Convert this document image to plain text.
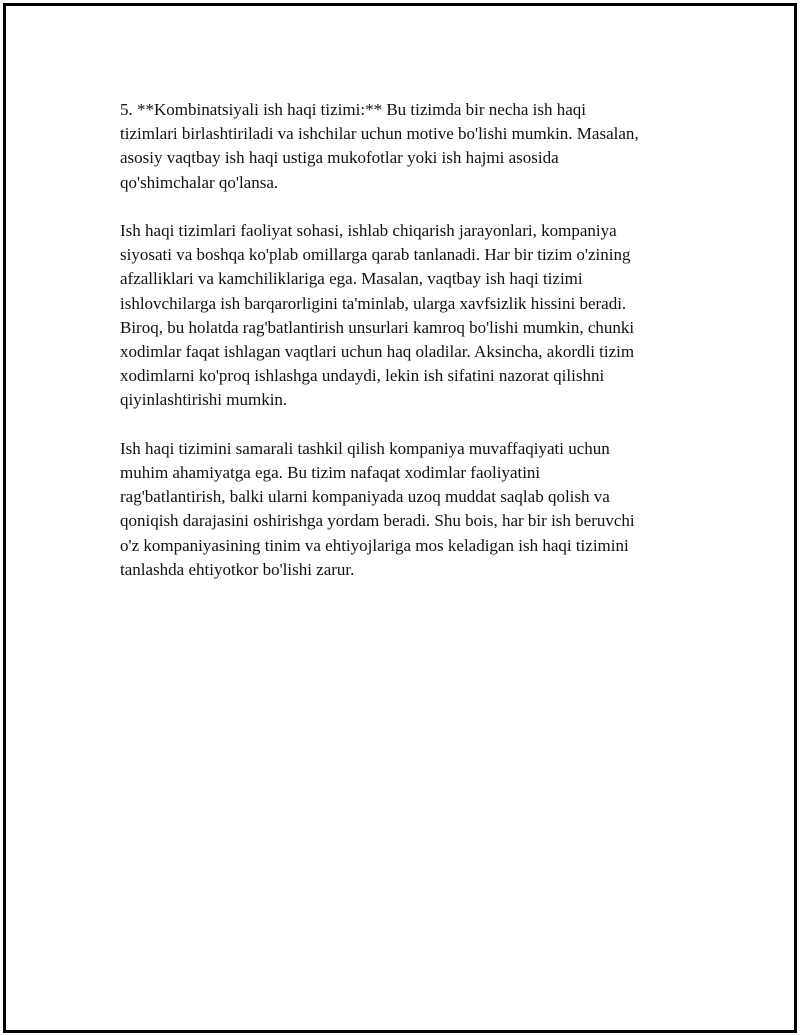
5. **Kombinatsiyali ish haqi tizimi:** Bu tizimda bir necha ish haqi
tizimlari birlashtiriladi va ishchilar uchun motive bo'lishi mumkin. Masalan,
asosiy vaqtbay ish haqi ustiga mukofotlar yoki ish hajmi asosida
qo'shimchalar qo'lansa.

Ish haqi tizimlari faoliyat sohasi, ishlab chiqarish jarayonlari, kompaniya
siyosati va boshqa ko'plab omillarga qarab tanlanadi. Har bir tizim o'zining
afzalliklari va kamchiliklariga ega. Masalan, vaqtbay ish haqi tizimi
ishlovchilarga ish barqarorligini ta'minlab, ularga xavfsizlik hissini beradi.
Biroq, bu holatda rag'batlantirish unsurlari kamroq bo'lishi mumkin, chunki
xodimlar faqat ishlagan vaqtlari uchun haq oladilar. Aksincha, akordli tizim
xodimlarni ko'proq ishlashga undaydi, lekin ish sifatini nazorat qilishni
qiyinlashtirishi mumkin.

Ish haqi tizimini samarali tashkil qilish kompaniya muvaffaqiyati uchun
muhim ahamiyatga ega. Bu tizim nafaqat xodimlar faoliyatini
rag'batlantirish, balki ularni kompaniyada uzoq muddat saqlab qolish va
qoniqish darajasini oshirishga yordam beradi. Shu bois, har bir ish beruvchi
o'z kompaniyasining tinim va ehtiyojlariga mos keladigan ish haqi tizimini
tanlashda ehtiyotkor bo'lishi zarur.
